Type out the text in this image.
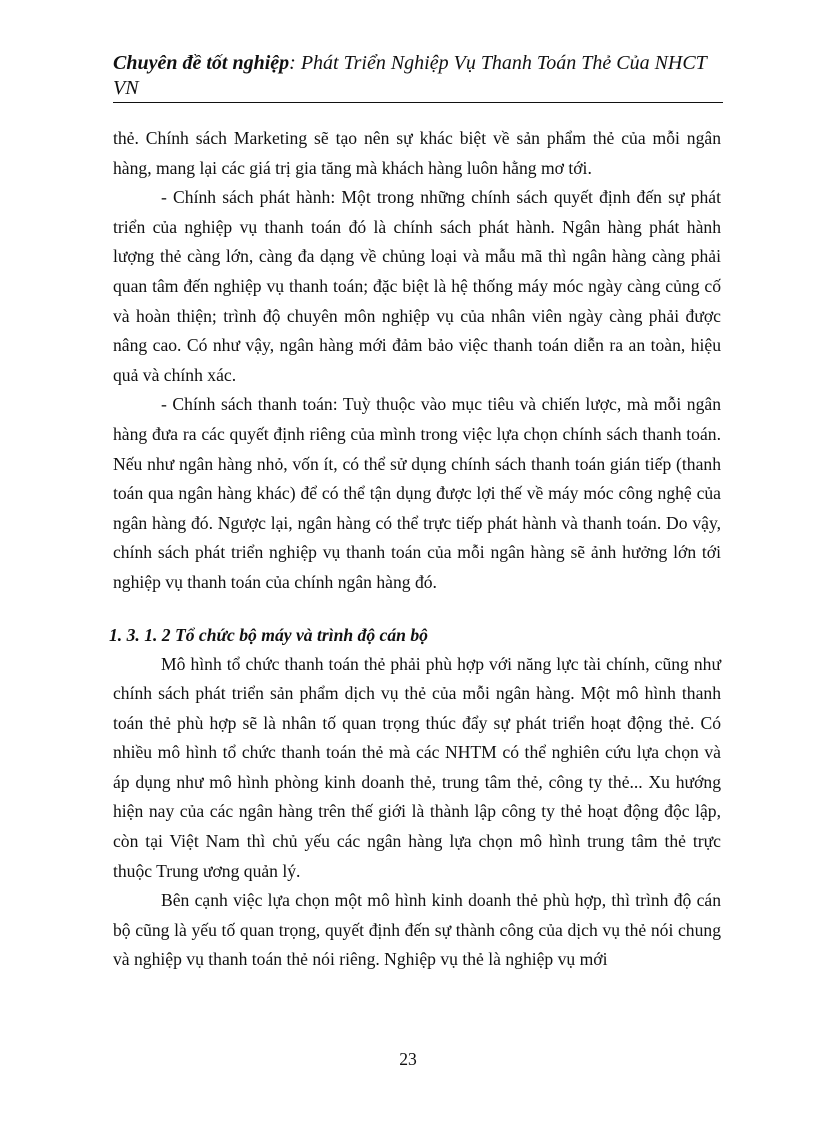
Chuyên đề tốt nghiệp: Phát Triển Nghiệp Vụ Thanh Toán Thẻ Của NHCT
VN

thẻ. Chính sách Marketing sẽ tạo nên sự khác biệt về sản phẩm thẻ của mỗi ngân hàng, mang lại các giá trị gia tăng mà khách hàng luôn hằng mơ tới.

- Chính sách phát hành: Một trong những chính sách quyết định đến sự phát triển của nghiệp vụ thanh toán đó là chính sách phát hành. Ngân hàng phát hành lượng thẻ càng lớn, càng đa dạng về chủng loại và mẫu mã thì ngân hàng càng phải quan tâm đến nghiệp vụ thanh toán; đặc biệt là hệ thống máy móc ngày càng củng cố và hoàn thiện; trình độ chuyên môn nghiệp vụ của nhân viên ngày càng phải được nâng cao. Có như vậy, ngân hàng mới đảm bảo việc thanh toán diễn ra an toàn, hiệu quả và chính xác.

- Chính sách thanh toán: Tuỳ thuộc vào mục tiêu và chiến lược, mà mỗi ngân hàng đưa ra các quyết định riêng của mình trong việc lựa chọn chính sách thanh toán. Nếu như ngân hàng nhỏ, vốn ít, có thể sử dụng chính sách thanh toán gián tiếp (thanh toán qua ngân hàng khác) để có thể tận dụng được lợi thế về máy móc công nghệ của ngân hàng đó. Ngược lại, ngân hàng có thể trực tiếp phát hành và thanh toán. Do vậy, chính sách phát triển nghiệp vụ thanh toán của mỗi ngân hàng sẽ ảnh hưởng lớn tới nghiệp vụ thanh toán của chính ngân hàng đó.

1. 3. 1. 2 Tổ chức bộ máy và trình độ cán bộ

Mô hình tổ chức thanh toán thẻ phải phù hợp với năng lực tài chính, cũng như chính sách phát triển sản phẩm dịch vụ thẻ của mỗi ngân hàng. Một mô hình thanh toán thẻ phù hợp sẽ là nhân tố quan trọng thúc đẩy sự phát triển hoạt động thẻ. Có nhiều mô hình tổ chức thanh toán thẻ mà các NHTM có thể nghiên cứu lựa chọn và áp dụng như mô hình phòng kinh doanh thẻ, trung tâm thẻ, công ty thẻ... Xu hướng hiện nay của các ngân hàng trên thế giới là thành lập công ty thẻ hoạt động độc lập, còn tại Việt Nam thì chủ yếu các ngân hàng lựa chọn mô hình trung tâm thẻ trực thuộc Trung ương quản lý.

Bên cạnh việc lựa chọn một mô hình kinh doanh thẻ phù hợp, thì trình độ cán bộ cũng là yếu tố quan trọng, quyết định đến sự thành công của dịch vụ thẻ nói chung và nghiệp vụ thanh toán thẻ nói riêng. Nghiệp vụ thẻ là nghiệp vụ mới

23
